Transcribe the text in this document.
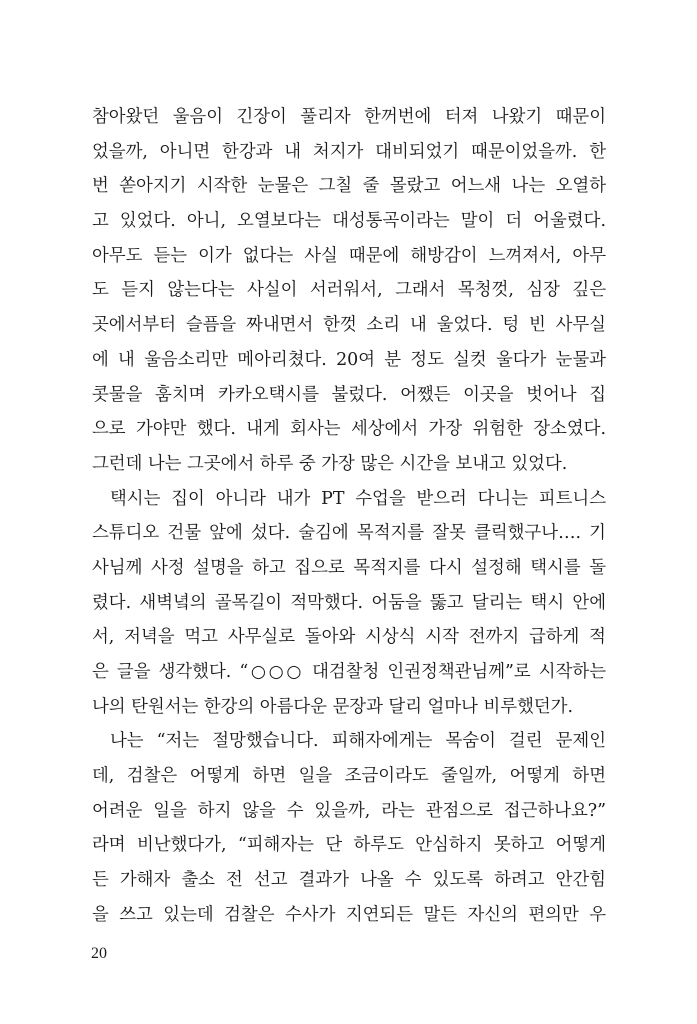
참아왔던 울음이 긴장이 풀리자 한꺼번에 터져 나왔기 때문이
었을까, 아니면 한강과 내 처지가 대비되었기 때문이었을까. 한
번 쏟아지기 시작한 눈물은 그칠 줄 몰랐고 어느새 나는 오열하
고 있었다. 아니, 오열보다는 대성통곡이라는 말이 더 어울렸다.
아무도 듣는 이가 없다는 사실 때문에 해방감이 느껴져서, 아무
도 듣지 않는다는 사실이 서러워서, 그래서 목청껏, 심장 깊은
곳에서부터 슬픔을 짜내면서 한껏 소리 내 울었다. 텅 빈 사무실
에 내 울음소리만 메아리쳤다. 20여 분 정도 실컷 울다가 눈물과
콧물을 훔치며 카카오택시를 불렀다. 어쨌든 이곳을 벗어나 집
으로 가야만 했다. 내게 회사는 세상에서 가장 위험한 장소였다.
그런데 나는 그곳에서 하루 중 가장 많은 시간을 보내고 있었다.
택시는 집이 아니라 내가 PT 수업을 받으러 다니는 피트니스
스튜디오 건물 앞에 섰다. 술김에 목적지를 잘못 클릭했구나…. 기
사님께 사정 설명을 하고 집으로 목적지를 다시 설정해 택시를 돌
렸다. 새벽녘의 골목길이 적막했다. 어둠을 뚫고 달리는 택시 안에
서, 저녁을 먹고 사무실로 돌아와 시상식 시작 전까지 급하게 적
은 글을 생각했다. “○○○ 대검찰청 인권정책관님께”로 시작하는
나의 탄원서는 한강의 아름다운 문장과 달리 얼마나 비루했던가.
나는 “저는 절망했습니다. 피해자에게는 목숨이 걸린 문제인
데, 검찰은 어떻게 하면 일을 조금이라도 줄일까, 어떻게 하면
어려운 일을 하지 않을 수 있을까, 라는 관점으로 접근하나요?”
라며 비난했다가, “피해자는 단 하루도 안심하지 못하고 어떻게
든 가해자 출소 전 선고 결과가 나올 수 있도록 하려고 안간힘
을 쓰고 있는데 검찰은 수사가 지연되든 말든 자신의 편의만 우
20
